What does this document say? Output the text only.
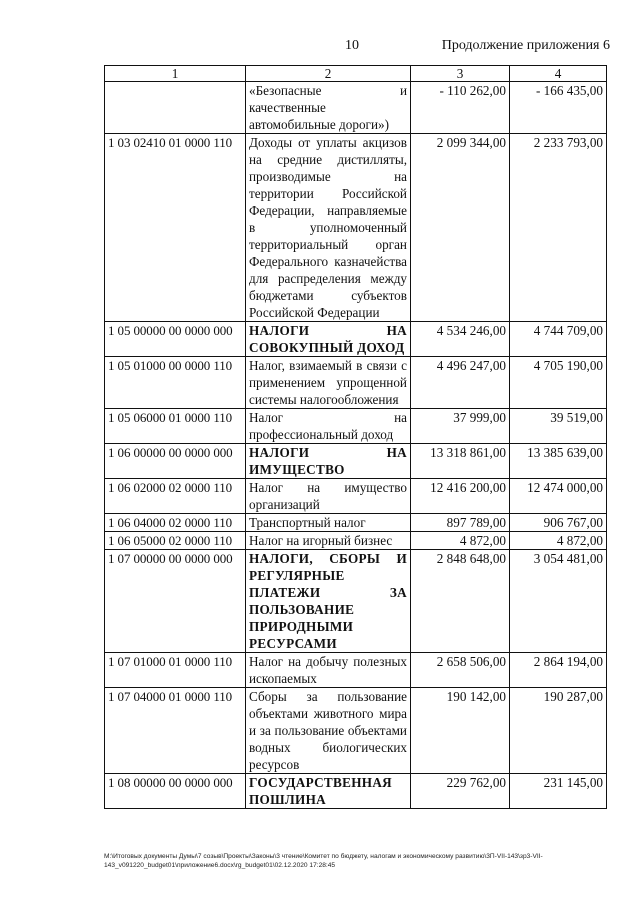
10	Продолжение приложения 6
1	2	3	4
	«Безопасные и качественные автомобильные дороги»)	- 110 262,00	- 166 435,00
1 03 02410 01 0000 110	Доходы от уплаты акцизов на средние дистилляты, производимые на территории Российской Федерации, направляемые в уполномоченный территориальный орган Федерального казначейства для распределения между бюджетами субъектов Российской Федерации	2 099 344,00	2 233 793,00
1 05 00000 00 0000 000	НАЛОГИ НА СОВОКУПНЫЙ ДОХОД	4 534 246,00	4 744 709,00
1 05 01000 00 0000 110	Налог, взимаемый в связи с применением упрощенной системы налогообложения	4 496 247,00	4 705 190,00
1 05 06000 01 0000 110	Налог на профессиональный доход	37 999,00	39 519,00
1 06 00000 00 0000 000	НАЛОГИ НА ИМУЩЕСТВО	13 318 861,00	13 385 639,00
1 06 02000 02 0000 110	Налог на имущество организаций	12 416 200,00	12 474 000,00
1 06 04000 02 0000 110	Транспортный налог	897 789,00	906 767,00
1 06 05000 02 0000 110	Налог на игорный бизнес	4 872,00	4 872,00
1 07 00000 00 0000 000	НАЛОГИ, СБОРЫ И РЕГУЛЯРНЫЕ ПЛАТЕЖИ ЗА ПОЛЬЗОВАНИЕ ПРИРОДНЫМИ РЕСУРСАМИ	2 848 648,00	3 054 481,00
1 07 01000 01 0000 110	Налог на добычу полезных ископаемых	2 658 506,00	2 864 194,00
1 07 04000 01 0000 110	Сборы за пользование объектами животного мира и за пользование объектами водных биологических ресурсов	190 142,00	190 287,00
1 08 00000 00 0000 000	ГОСУДАРСТВЕННАЯ ПОШЛИНА	229 762,00	231 145,00
M:\Итоговых документы Думы\7 созыв\Проекты\Законы\3 чтение\Комитет по бюджету, налогам и экономическому развитию\3П-VII-143\зр3-VII-143_v091220_budget01\приложение6.docx\rg_budget01\02.12.2020 17:28:45
